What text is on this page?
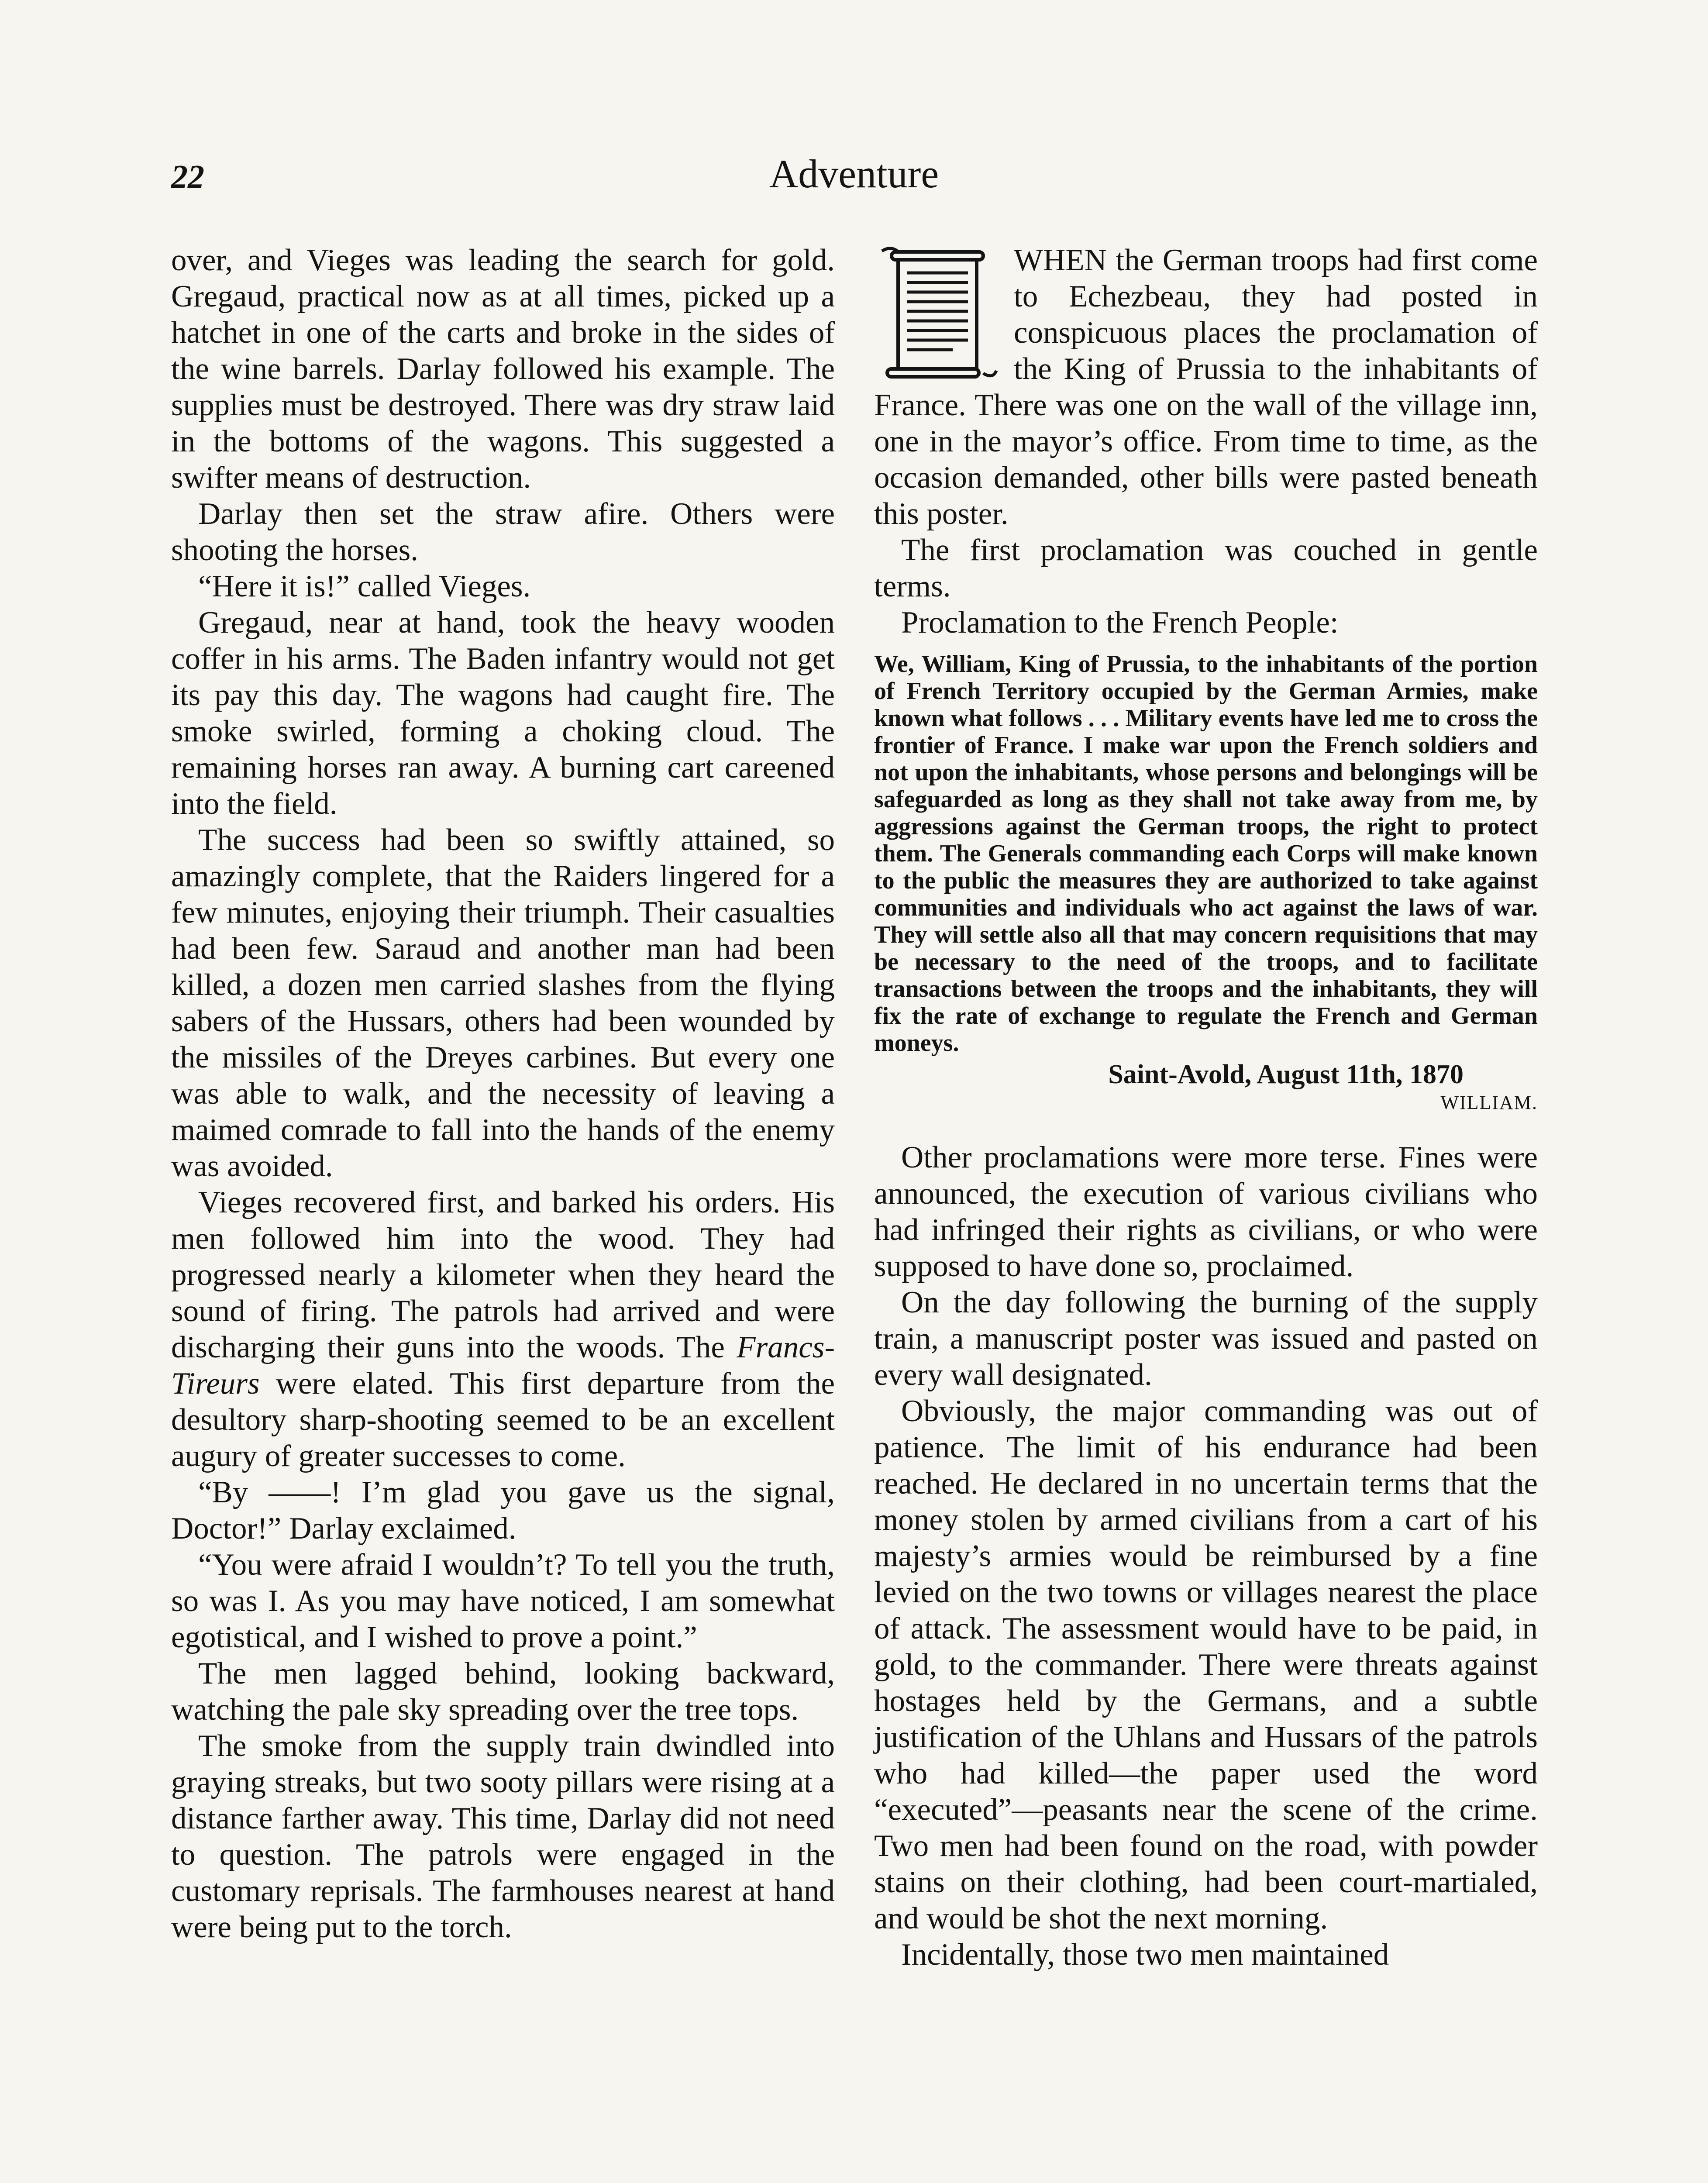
22	Adventure

over, and Vieges was leading the search for gold. Gregaud, practical now as at all times, picked up a hatchet in one of the carts and broke in the sides of the wine barrels. Darlay followed his example. The supplies must be destroyed. There was dry straw laid in the bottoms of the wagons. This suggested a swifter means of destruction.

Darlay then set the straw afire. Others were shooting the horses.

“Here it is!” called Vieges.

Gregaud, near at hand, took the heavy wooden coffer in his arms. The Baden infantry would not get its pay this day. The wagons had caught fire. The smoke swirled, forming a choking cloud. The remaining horses ran away. A burning cart careened into the field.

The success had been so swiftly attained, so amazingly complete, that the Raiders lingered for a few minutes, enjoying their triumph. Their casualties had been few. Saraud and another man had been killed, a dozen men carried slashes from the flying sabers of the Hussars, others had been wounded by the missiles of the Dreyes carbines. But every one was able to walk, and the necessity of leaving a maimed comrade to fall into the hands of the enemy was avoided.

Vieges recovered first, and barked his orders. His men followed him into the wood. They had progressed nearly a kilometer when they heard the sound of firing. The patrols had arrived and were discharging their guns into the woods. The Francs-Tireurs were elated. This first departure from the desultory sharp-shooting seemed to be an excellent augury of greater successes to come.

“By ——! I’m glad you gave us the signal, Doctor!” Darlay exclaimed.

“You were afraid I wouldn’t? To tell you the truth, so was I. As you may have noticed, I am somewhat egotistical, and I wished to prove a point.”

The men lagged behind, looking backward, watching the pale sky spreading over the tree tops.

The smoke from the supply train dwindled into graying streaks, but two sooty pillars were rising at a distance farther away. This time, Darlay did not need to question. The patrols were engaged in the customary reprisals. The farmhouses nearest at hand were being put to the torch.

WHEN the German troops had first come to Echezbeau, they had posted in conspicuous places the proclamation of the King of Prussia to the inhabitants of France. There was one on the wall of the village inn, one in the mayor’s office. From time to time, as the occasion demanded, other bills were pasted beneath this poster.

The first proclamation was couched in gentle terms.

Proclamation to the French People:

We, William, King of Prussia, to the inhabitants of the portion of French Territory occupied by the German Armies, make known what follows . . . Military events have led me to cross the frontier of France. I make war upon the French soldiers and not upon the inhabitants, whose persons and belongings will be safeguarded as long as they shall not take away from me, by aggressions against the German troops, the right to protect them. The Generals commanding each Corps will make known to the public the measures they are authorized to take against communities and individuals who act against the laws of war. They will settle also all that may concern requisitions that may be necessary to the need of the troops, and to facilitate transactions between the troops and the inhabitants, they will fix the rate of exchange to regulate the French and German moneys.
Saint-Avold, August 11th, 1870
WILLIAM.

Other proclamations were more terse. Fines were announced, the execution of various civilians who had infringed their rights as civilians, or who were supposed to have done so, proclaimed.

On the day following the burning of the supply train, a manuscript poster was issued and pasted on every wall designated.

Obviously, the major commanding was out of patience. The limit of his endurance had been reached. He declared in no uncertain terms that the money stolen by armed civilians from a cart of his majesty’s armies would be reimbursed by a fine levied on the two towns or villages nearest the place of attack. The assessment would have to be paid, in gold, to the commander. There were threats against hostages held by the Germans, and a subtle justification of the Uhlans and Hussars of the patrols who had killed—the paper used the word “executed”—peasants near the scene of the crime. Two men had been found on the road, with powder stains on their clothing, had been court-martialed, and would be shot the next morning.

Incidentally, those two men maintained
